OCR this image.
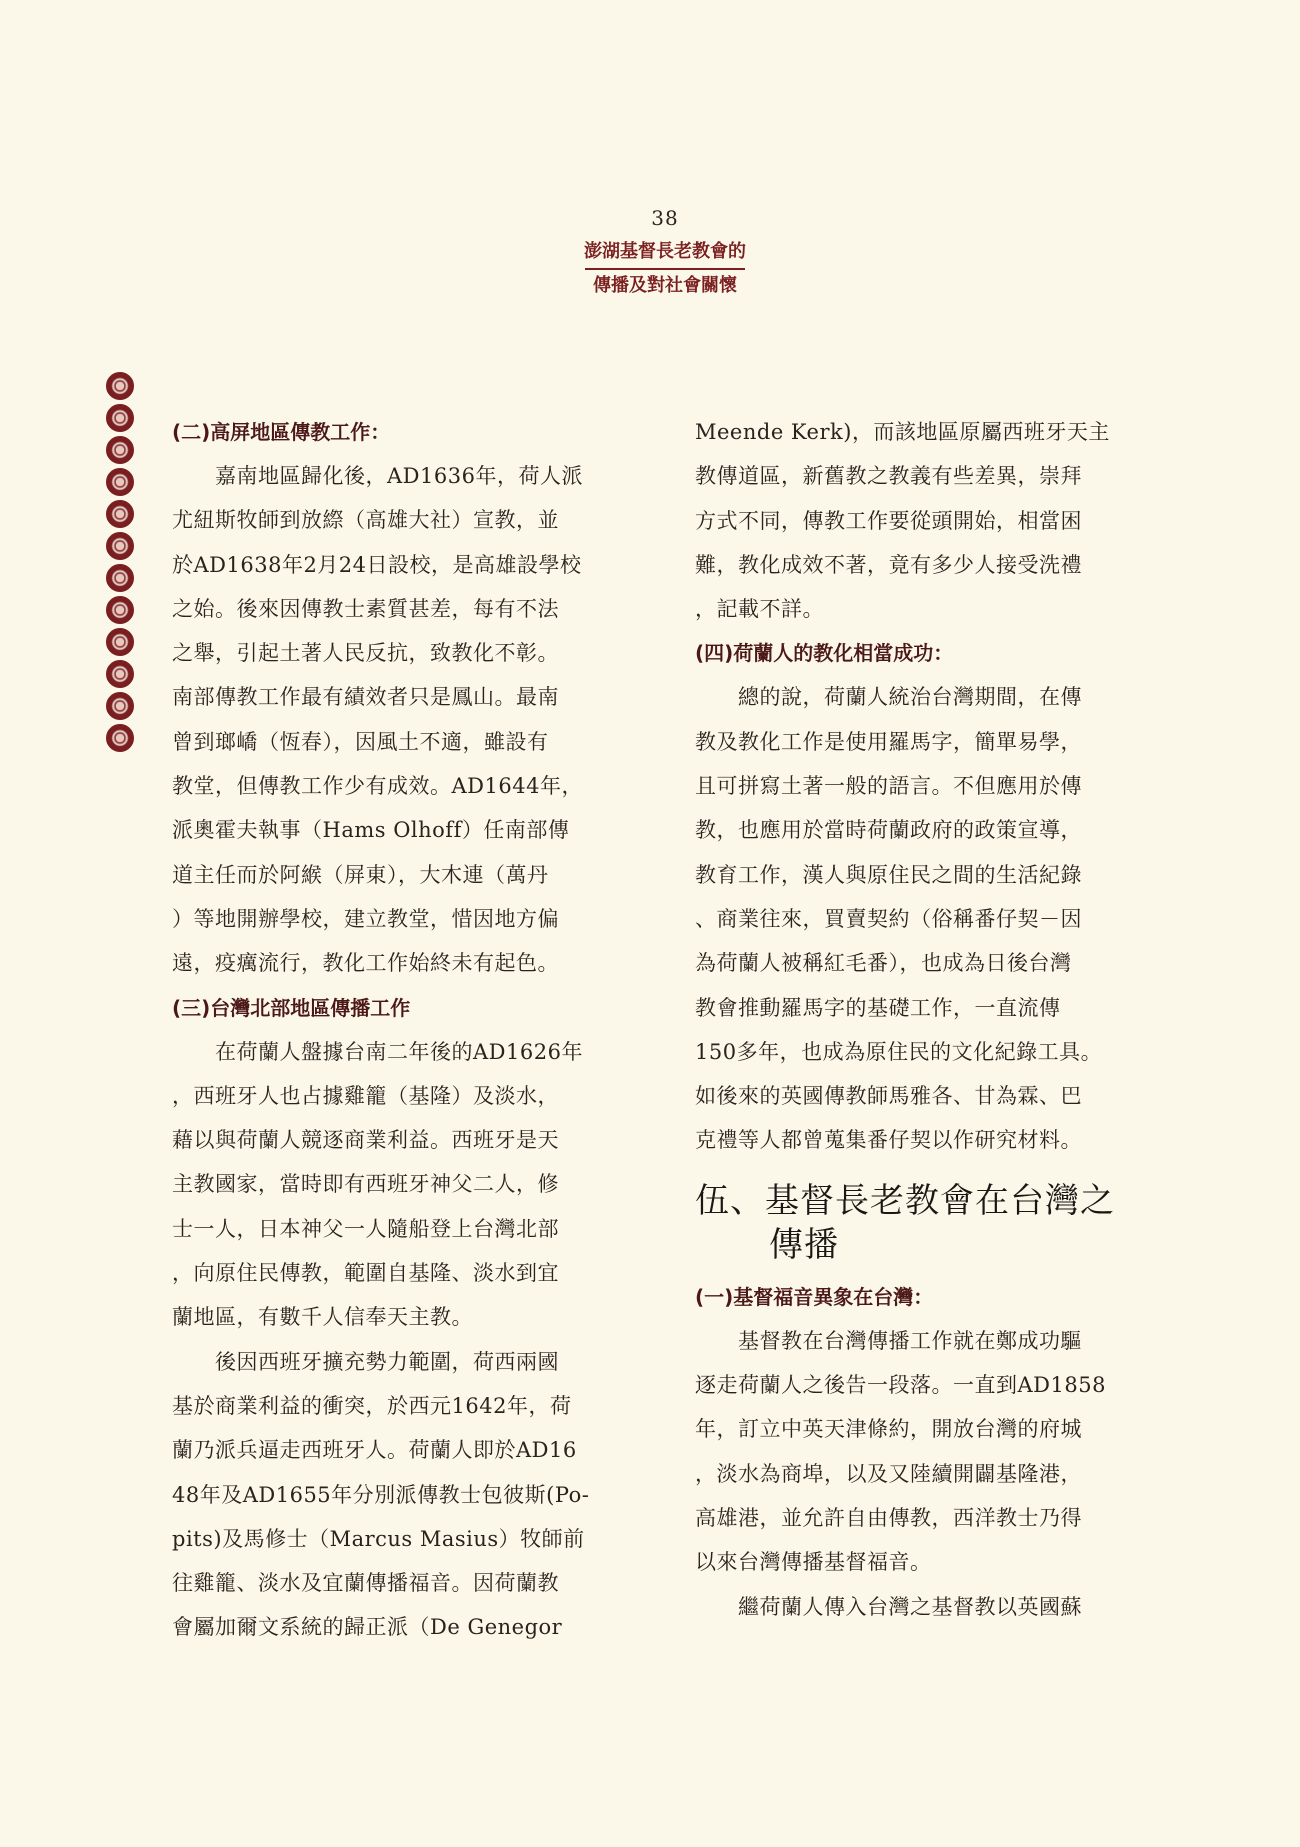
38
澎湖基督長老教會的
傳播及對社會關懷
(二)高屏地區傳教工作：
　　嘉南地區歸化後，AD1636年，荷人派
尤紐斯牧師到放縩（高雄大社）宣教，並
於AD1638年2月24日設校，是高雄設學校
之始。後來因傳教士素質甚差，每有不法
之舉，引起土著人民反抗，致教化不彰。
南部傳教工作最有績效者只是鳳山。最南
曾到瑯嶠（恆春），因風土不適，雖設有
教堂，但傳教工作少有成效。AD1644年，
派奧霍夫執事（Hams Olhoff）任南部傳
道主任而於阿緱（屏東），大木連（萬丹
）等地開辦學校，建立教堂，惜因地方偏
遠，疫癘流行，教化工作始終未有起色。
(三)台灣北部地區傳播工作
　　在荷蘭人盤據台南二年後的AD1626年
，西班牙人也占據雞籠（基隆）及淡水，
藉以與荷蘭人競逐商業利益。西班牙是天
主教國家，當時即有西班牙神父二人，修
士一人，日本神父一人隨船登上台灣北部
，向原住民傳教，範圍自基隆、淡水到宜
蘭地區，有數千人信奉天主教。
　　後因西班牙擴充勢力範圍，荷西兩國
基於商業利益的衝突，於西元1642年，荷
蘭乃派兵逼走西班牙人。荷蘭人即於AD16
48年及AD1655年分別派傳教士包彼斯(Po-
pits)及馬修士（Marcus Masius）牧師前
往雞籠、淡水及宜蘭傳播福音。因荷蘭教
會屬加爾文系統的歸正派（De Genegor
Meende Kerk)，而該地區原屬西班牙天主
教傳道區，新舊教之教義有些差異，崇拜
方式不同，傳教工作要從頭開始，相當困
難，教化成效不著，竟有多少人接受洗禮
，記載不詳。
(四)荷蘭人的教化相當成功：
　　總的說，荷蘭人統治台灣期間，在傳
教及教化工作是使用羅馬字，簡單易學，
且可拼寫土著一般的語言。不但應用於傳
教，也應用於當時荷蘭政府的政策宣導，
教育工作，漢人與原住民之間的生活紀錄
、商業往來，買賣契約（俗稱番仔契－因
為荷蘭人被稱紅毛番），也成為日後台灣
教會推動羅馬字的基礎工作，一直流傳
150多年，也成為原住民的文化紀錄工具。
如後來的英國傳教師馬雅各、甘為霖、巴
克禮等人都曾蒐集番仔契以作研究材料。
伍、基督長老教會在台灣之
傳播
(一)基督福音異象在台灣：
　　基督教在台灣傳播工作就在鄭成功驅
逐走荷蘭人之後告一段落。一直到AD1858
年，訂立中英天津條約，開放台灣的府城
，淡水為商埠，以及又陸續開闢基隆港，
高雄港，並允許自由傳教，西洋教士乃得
以來台灣傳播基督福音。
　　繼荷蘭人傳入台灣之基督教以英國蘇
